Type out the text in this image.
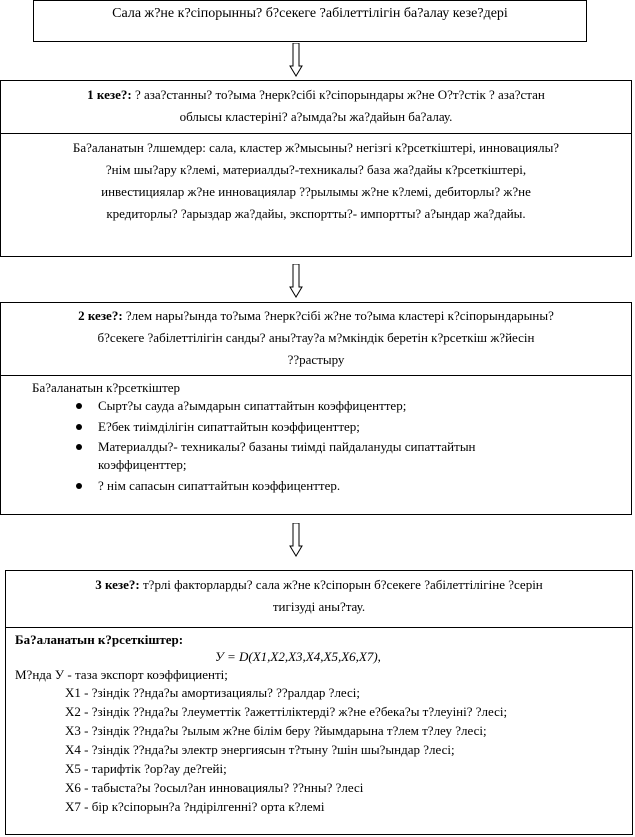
Сала ж?не к?сіпорынны? б?секеге ?абілеттілігін ба?алау кезе?дері
1 кезе?: ? аза?станны? то?ыма ?нерк?сібі к?сіпорындары ж?не О?т?стік ? аза?стан
облысы кластеріні? а?ымда?ы жа?дайын ба?алау.
Ба?аланатын ?лшемдер: сала, кластер ж?мысыны? негізгі к?рсеткіштері, инновациялы?
?нім шы?ару к?лемі, материалды?-техникалы? база жа?дайы к?рсеткіштері,
инвестициялар ж?не инновациялар ??рылымы ж?не к?лемі, дебиторлы? ж?не
кредиторлы? ?арыздар жа?дайы, экспортты?- импортты? а?ындар жа?дайы.
2 кезе?: ?лем нары?ында то?ыма ?нерк?сібі ж?не то?ыма кластері к?сіпорындарыны?
б?секеге ?абілеттілігін санды? аны?тау?а м?мкіндік беретін к?рсеткіш ж?йесін
??растыру
Ба?аланатын к?рсеткіштер
Сырт?ы сауда а?ымдарын сипаттайтын коэффиценттер;
Е?бек тиімділігін сипаттайтын коэффиценттер;
Материалды?- техникалы? базаны тиімді пайдалануды сипаттайтын
коэффиценттер;
? нім сапасын сипаттайтын коэффиценттер.
3 кезе?: т?рлі факторларды? сала ж?не к?сіпорын б?секеге ?абілеттілігіне ?серін
тигізуді аны?тау.
Ба?аланатын к?рсеткіштер:
У = D(X1,X2,X3,X4,X5,X6,X7),
М?нда У - таза экспорт коэффициенті;
X1 - ?зіндік ??нда?ы амортизациялы? ??ралдар ?лесі;
X2 - ?зіндік ??нда?ы ?леуметтік ?ажеттіліктерді? ж?не е?бека?ы т?леуіні? ?лесі;
X3 - ?зіндік ??нда?ы ?ылым ж?не білім беру ?йымдарына т?лем т?леу ?лесі;
X4 - ?зіндік ??нда?ы электр энергиясын т?тыну ?шін шы?ындар ?лесі;
X5 - тарифтік ?ор?ау де?гейі;
X6 - табыста?ы ?осыл?ан инновациялы? ??нны? ?лесі
X7 - бір к?сіпорын?а ?ндірілгенні? орта к?лемі
